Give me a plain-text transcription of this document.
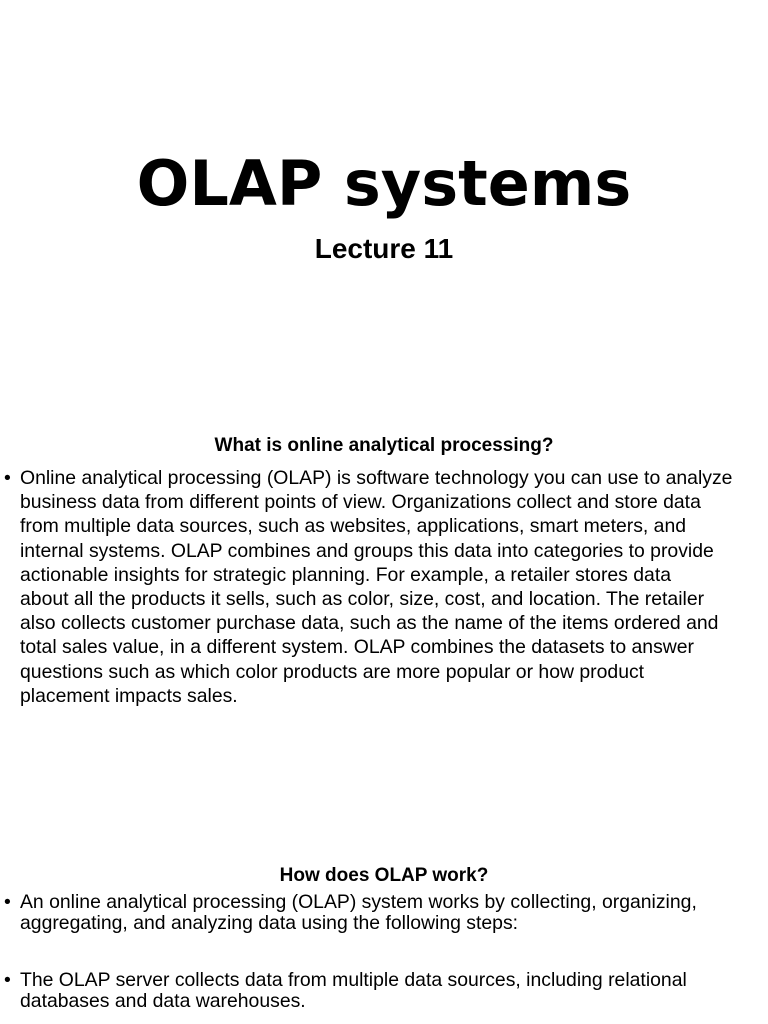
OLAP systems
Lecture 11
What is online analytical processing?
• Online analytical processing (OLAP) is software technology you can use to analyze
business data from different points of view. Organizations collect and store data
from multiple data sources, such as websites, applications, smart meters, and
internal systems. OLAP combines and groups this data into categories to provide
actionable insights for strategic planning. For example, a retailer stores data
about all the products it sells, such as color, size, cost, and location. The retailer
also collects customer purchase data, such as the name of the items ordered and
total sales value, in a different system. OLAP combines the datasets to answer
questions such as which color products are more popular or how product
placement impacts sales.
How does OLAP work?
• An online analytical processing (OLAP) system works by collecting, organizing,
aggregating, and analyzing data using the following steps:
• The OLAP server collects data from multiple data sources, including relational
databases and data warehouses.
